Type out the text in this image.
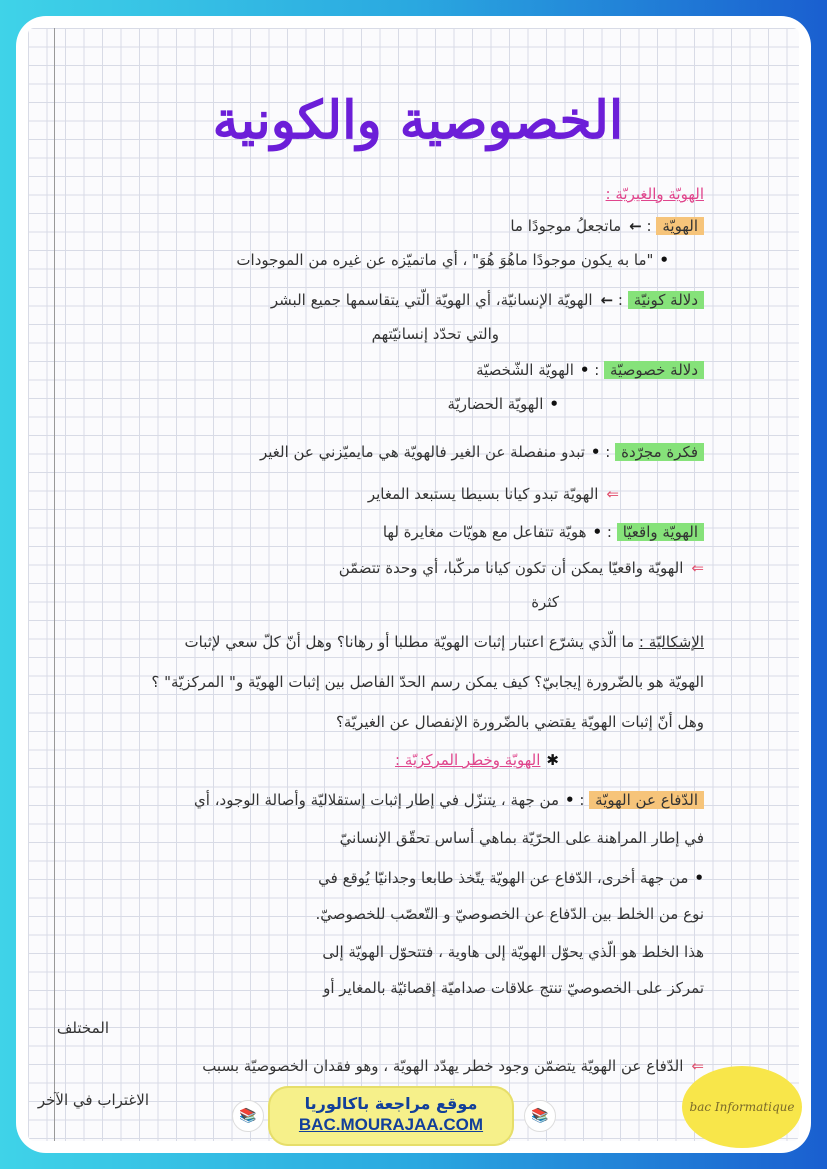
الخصوصية والكونية
الهويّة والغيريّة :
الهويّة : ←ماتجعلُ موجودًا ما
•"ما به يكون موجودًا ماهُوَ هُوَ" ، أي ماتميّزه عن غيره من الموجودات
دلالة كونيّة : ←الهويّة الإنسانيّة، أي الهويّة الّتي يتقاسمها جميع البشر
والتي تحدّد إنسانيّتهم
دلالة خصوصيّة : •الهويّة الشّخصيّة
•الهويّة الحضاريّة
فكرة مجرّدة : •تبدو منفصلة عن الغير فالهويّة هي مايميّزني عن الغير
⇐الهويّة تبدو كيانا بسيطا يستبعد المغاير
الهويّة واقعيّا : •هويّة تتفاعل مع هويّات مغايرة لها
⇐الهويّة واقعيّا يمكن أن تكون كيانا مركّبا، أي وحدة تتضمّن
كثرة
الإشكاليّة : ما الّذي يشرّع اعتبار إثبات الهويّة مطلبا أو رهانا؟ وهل أنّ كلّ سعي لإثبات
الهويّة هو بالضّرورة إيجابيّ؟ كيف يمكن رسم الحدّ الفاصل بين إثبات الهويّة و" المركزيّة" ؟
وهل أنّ إثبات الهويّة يقتضي بالضّرورة الإنفصال عن الغيريّة؟
✱الهويّة وخطر المركزيّة :
الدّفاع عن الهويّة : •من جهة ، يتنزّل في إطار إثبات إستقلاليّة وأصالة الوجود، أي
في إطار المراهنة على الحرّيّة بماهي أساس تحقّق الإنسانيّ
•من جهة أخرى، الدّفاع عن الهويّة يتّخذ طابعا وجدانيّا يُوقع في
نوع من الخلط بين الدّفاع عن الخصوصيّ و التّعصّب للخصوصيّ.
هذا الخلط هو الّذي يحوّل الهويّة إلى هاوية ، فتتحوّل الهويّة إلى
تمركز على الخصوصيّ تنتج علاقات صداميّة إقصائيّة بالمغاير أو
المختلف
⇐الدّفاع عن الهويّة يتضمّن وجود خطر يهدّد الهويّة ، وهو فقدان الخصوصيّة بسبب
الاغتراب في الآخر
📚
موقع مراجعة باكالوريا
BAC.MOURAJAA.COM	📚
bac Informatique
